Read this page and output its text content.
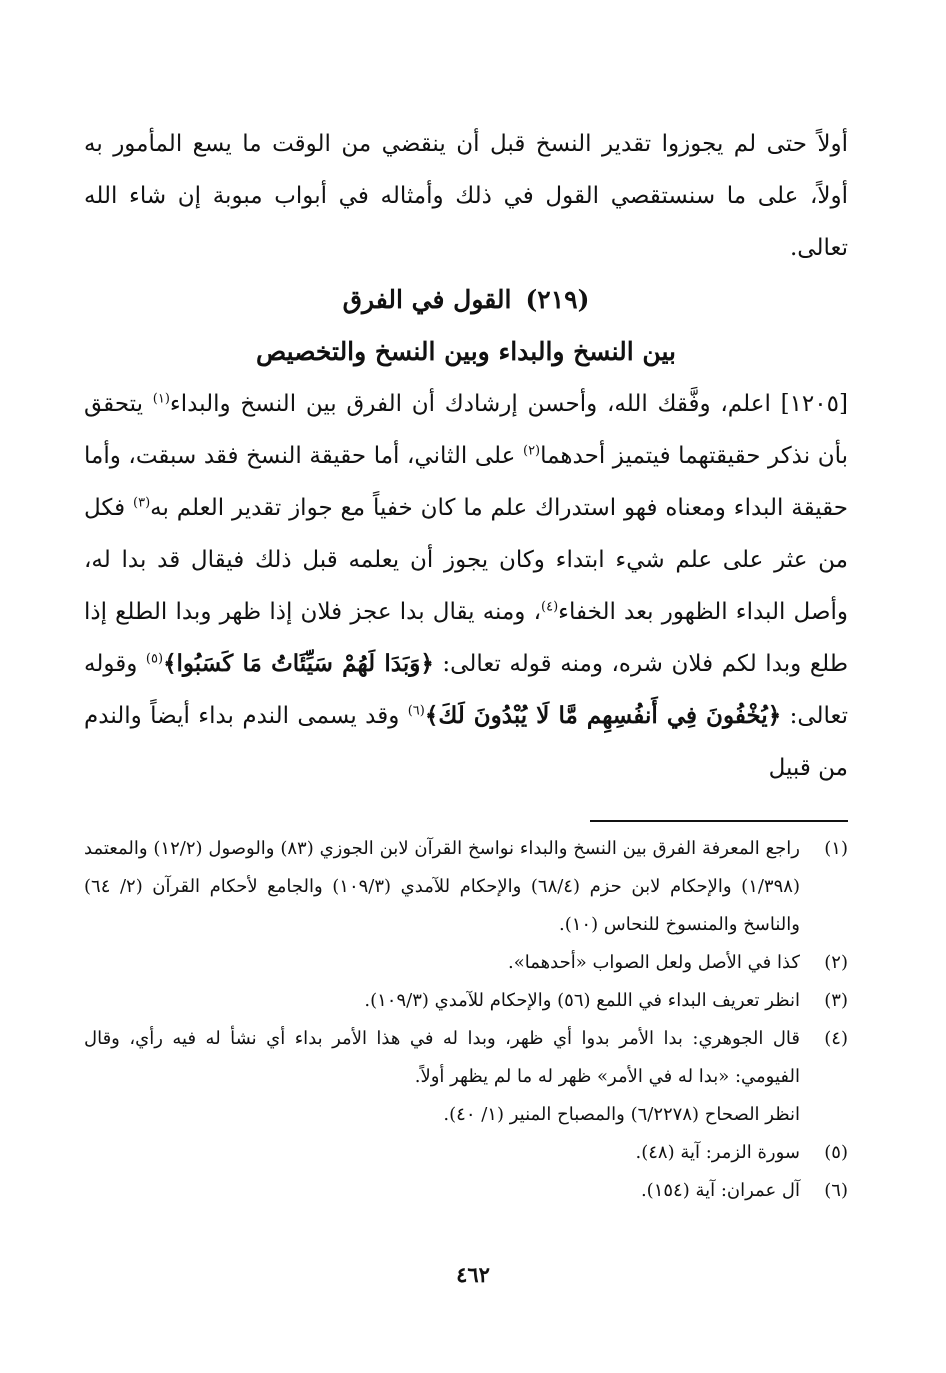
أولاً حتى لم يجوزوا تقدير النسخ قبل أن ينقضي من الوقت ما يسع المأمور به أولاً، على ما سنستقصي القول في ذلك وأمثاله في أبواب مبوبة إن شاء الله تعالى.

(٢١٩)القول في الفرق

بين النسخ والبداء وبين النسخ والتخصيص

[١٢٠٥] اعلم، وفَّقك الله، وأحسن إرشادك أن الفرق بين النسخ والبداء$^{(١)}$ يتحقق بأن نذكر حقيقتهما فيتميز أحدهما$^{(٢)}$ على الثاني، أما حقيقة النسخ فقد سبقت، وأما حقيقة البداء ومعناه فهو استدراك علم ما كان خفياً مع جواز تقدير العلم به$^{(٣)}$ فكل من عثر على علم شيء ابتداء وكان يجوز أن يعلمه قبل ذلك فيقال قد بدا له، وأصل البداء الظهور بعد الخفاء$^{(٤)}$، ومنه يقال بدا عجز فلان إذا ظهر وبدا الطلع إذا طلع وبدا لكم فلان شره، ومنه قوله تعالى: ﴿وَبَدَا لَهُمْ سَيِّئَاتُ مَا كَسَبُوا﴾$^{(٥)}$ وقوله تعالى: ﴿يُخْفُونَ فِي أَنفُسِهِم مَّا لَا يُبْدُونَ لَكَ﴾$^{(٦)}$ وقد يسمى الندم بداء أيضاً والندم من قبيل

(١)
راجع المعرفة الفرق بين النسخ والبداء نواسخ القرآن لابن الجوزي (٨٣) والوصول (١٢/٢) والمعتمد (١/٣٩٨) والإحكام لابن حزم (٦٨/٤) والإحكام للآمدي (١٠٩/٣) والجامع لأحكام القرآن (٢/ ٦٤) والناسخ والمنسوخ للنحاس (١٠).
(٢)
كذا في الأصل ولعل الصواب «أحدهما».
(٣)
انظر تعريف البداء في اللمع (٥٦) والإحكام للآمدي (١٠٩/٣).
(٤)
قال الجوهري: بدا الأمر بدوا أي ظهر، وبدا له في هذا الأمر بداء أي نشأ له فيه رأي، وقال الفيومي: «بدا له في الأمر» ظهر له ما لم يظهر أولاً.
انظر الصحاح (٦/٢٢٧٨) والمصباح المنير (١/ ٤٠).
(٥)
سورة الزمر: آية (٤٨).
(٦)
آل عمران: آية (١٥٤).
٤٦٢
